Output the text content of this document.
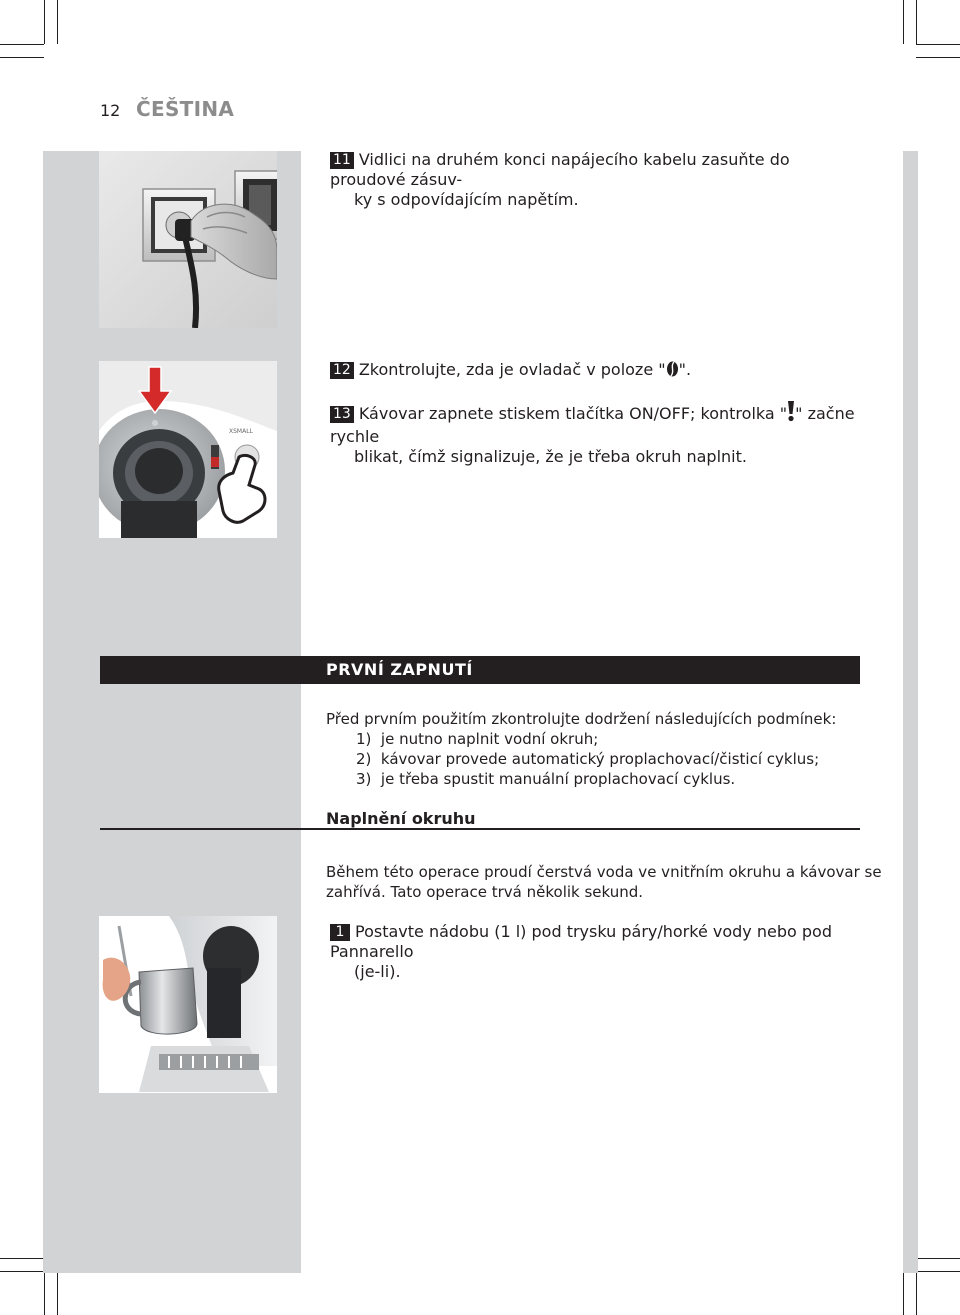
12 ČEŠTINA
XSMALL
11 Vidlici na druhém konci napájecího kabelu zasuňte do proudové zásuv-
ky s odpovídajícím napětím.
12 Zkontrolujte, zda je ovladač v poloze " ".
13 Kávovar zapnete stiskem tlačítka ON/OFF; kontrolka " " začne rychle
blikat, čímž signalizuje, že je třeba okruh naplnit.
PRVNÍ ZAPNUTÍ
Před prvním použitím zkontrolujte dodržení následujících podmínek:
1)  je nutno naplnit vodní okruh;
2)  kávovar provede automatický proplachovací/čisticí cyklus;
3)  je třeba spustit manuální proplachovací cyklus.
Naplnění okruhu
Během této operace proudí čerstvá voda ve vnitřním okruhu a kávovar se
zahřívá. Tato operace trvá několik sekund.
1 Postavte nádobu (1 l) pod trysku páry/horké vody nebo pod Pannarello
(je-li).
